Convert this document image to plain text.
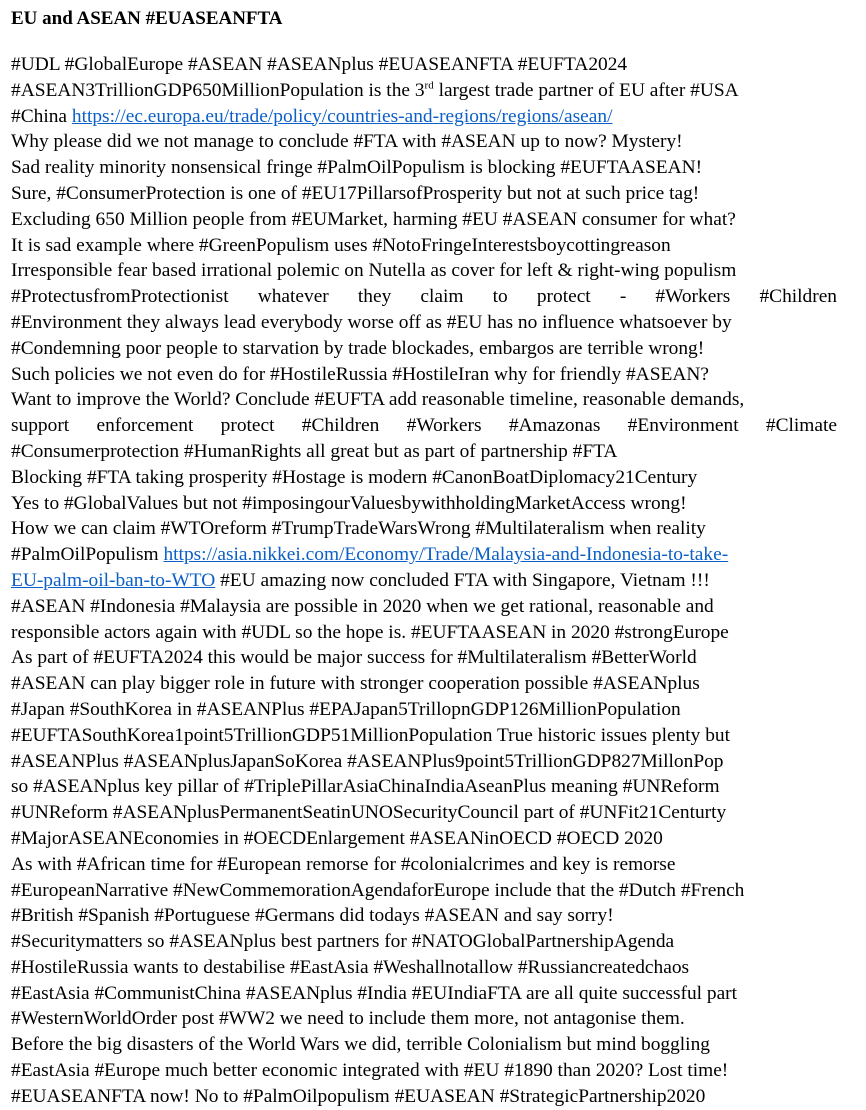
EU and ASEAN #EUASEANFTA
#UDL #GlobalEurope #ASEAN #ASEANplus #EUASEANFTA #EUFTA2024
#ASEAN3TrillionGDP650MillionPopulation is the 3rd largest trade partner of EU after #USA
#China https://ec.europa.eu/trade/policy/countries-and-regions/regions/asean/
Why please did we not manage to conclude #FTA with #ASEAN up to now? Mystery!
Sad reality minority nonsensical fringe #PalmOilPopulism is blocking #EUFTAASEAN!
Sure, #ConsumerProtection is one of #EU17PillarsofProsperity but not at such price tag!
Excluding 650 Million people from #EUMarket, harming #EU #ASEAN consumer for what?
It is sad example where #GreenPopulism uses #NotoFringeInterestsboycottingreason
Irresponsible fear based irrational polemic on Nutella as cover for left & right-wing populism
#ProtectusfromProtectionist whatever they claim to protect - #Workers #Children
#Environment they always lead everybody worse off as #EU has no influence whatsoever by
#Condemning poor people to starvation by trade blockades, embargos are terrible wrong!
Such policies we not even do for #HostileRussia #HostileIran why for friendly #ASEAN?
Want to improve the World? Conclude #EUFTA add reasonable timeline, reasonable demands,
support enforcement protect #Children #Workers #Amazonas #Environment #Climate
#Consumerprotection #HumanRights all great but as part of partnership #FTA
Blocking #FTA taking prosperity #Hostage is modern #CanonBoatDiplomacy21Century
Yes to #GlobalValues but not #imposingourValuesbywithholdingMarketAccess wrong!
How we can claim #WTOreform #TrumpTradeWarsWrong #Multilateralism when reality
#PalmOilPopulism https://asia.nikkei.com/Economy/Trade/Malaysia-and-Indonesia-to-take-
EU-palm-oil-ban-to-WTO #EU amazing now concluded FTA with Singapore, Vietnam !!!
#ASEAN #Indonesia #Malaysia are possible in 2020 when we get rational, reasonable and
responsible actors again with #UDL so the hope is. #EUFTAASEAN in 2020 #strongEurope
As part of #EUFTA2024 this would be major success for #Multilateralism #BetterWorld
#ASEAN can play bigger role in future with stronger cooperation possible #ASEANplus
#Japan #SouthKorea in #ASEANPlus #EPAJapan5TrillopnGDP126MillionPopulation
#EUFTASouthKorea1point5TrillionGDP51MillionPopulation True historic issues plenty but
#ASEANPlus #ASEANplusJapanSoKorea #ASEANPlus9point5TrillionGDP827MillonPop
so #ASEANplus key pillar of #TriplePillarAsiaChinaIndiaAseanPlus meaning #UNReform
#UNReform #ASEANplusPermanentSeatinUNOSecurityCouncil part of #UNFit21Centurty
#MajorASEANEconomies in #OECDEnlargement #ASEANinOECD #OECD 2020
As with #African time for #European remorse for #colonialcrimes and key is remorse
#EuropeanNarrative #NewCommemorationAgendaforEurope include that the #Dutch #French
#British #Spanish #Portuguese #Germans did todays #ASEAN and say sorry!
#Securitymatters so #ASEANplus best partners for #NATOGlobalPartnershipAgenda
#HostileRussia wants to destabilise #EastAsia #Weshallnotallow #Russiancreatedchaos
#EastAsia #CommunistChina #ASEANplus #India #EUIndiaFTA are all quite successful part
#WesternWorldOrder post #WW2 we need to include them more, not antagonise them.
Before the big disasters of the World Wars we did, terrible Colonialism but mind boggling
#EastAsia #Europe much better economic integrated with #EU #1890 than 2020? Lost time!
#EUASEANFTA now! No to #PalmOilpopulism #EUASEAN #StrategicPartnership2020
